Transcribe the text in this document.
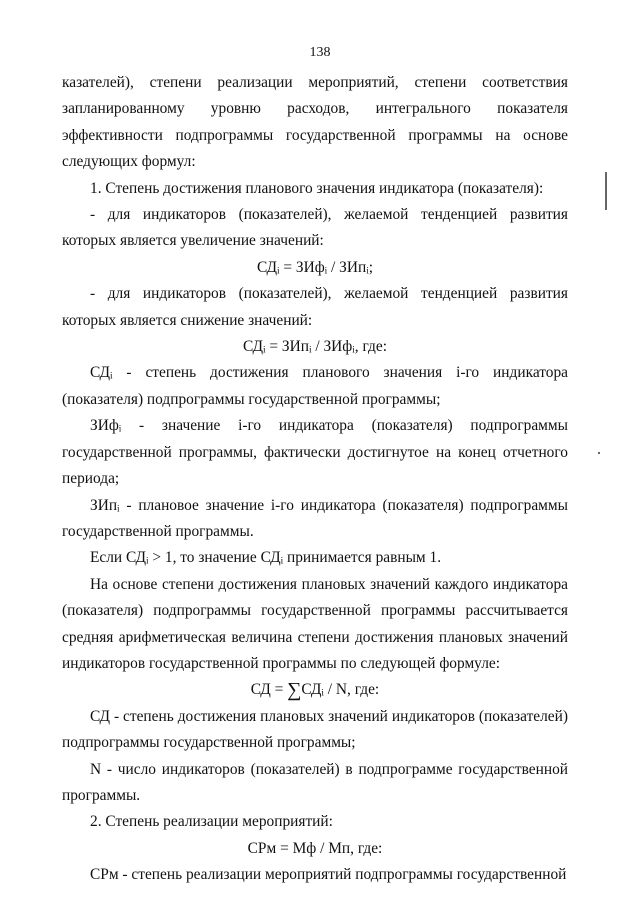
138

казателей), степени реализации мероприятий, степени соответствия запланированному уровню расходов, интегрального показателя эффективности подпрограммы государственной программы на основе следующих формул:

1. Степень достижения планового значения индикатора (показателя):

- для индикаторов (показателей), желаемой тенденцией развития которых является увеличение значений:

СДᵢ = ЗИфᵢ / ЗИпᵢ;

- для индикаторов (показателей), желаемой тенденцией развития которых является снижение значений:

СДᵢ = ЗИпᵢ / ЗИфᵢ, где:

СДᵢ - степень достижения планового значения i-го индикатора (показателя) подпрограммы государственной программы;

ЗИфᵢ - значение i-го индикатора (показателя) подпрограммы государственной программы, фактически достигнутое на конец отчетного периода;

ЗИпᵢ - плановое значение i-го индикатора (показателя) подпрограммы государственной программы.

Если СДᵢ > 1, то значение СДᵢ принимается равным 1.

На основе степени достижения плановых значений каждого индикатора (показателя) подпрограммы государственной программы рассчитывается средняя арифметическая величина степени достижения плановых значений индикаторов государственной программы по следующей формуле:

СД = ∑СДᵢ / N, где:

СД - степень достижения плановых значений индикаторов (показателей) подпрограммы государственной программы;

N - число индикаторов (показателей) в подпрограмме государственной программы.

2. Степень реализации мероприятий:

СРм = Мф / Мп, где:

СРм - степень реализации мероприятий подпрограммы государственной
